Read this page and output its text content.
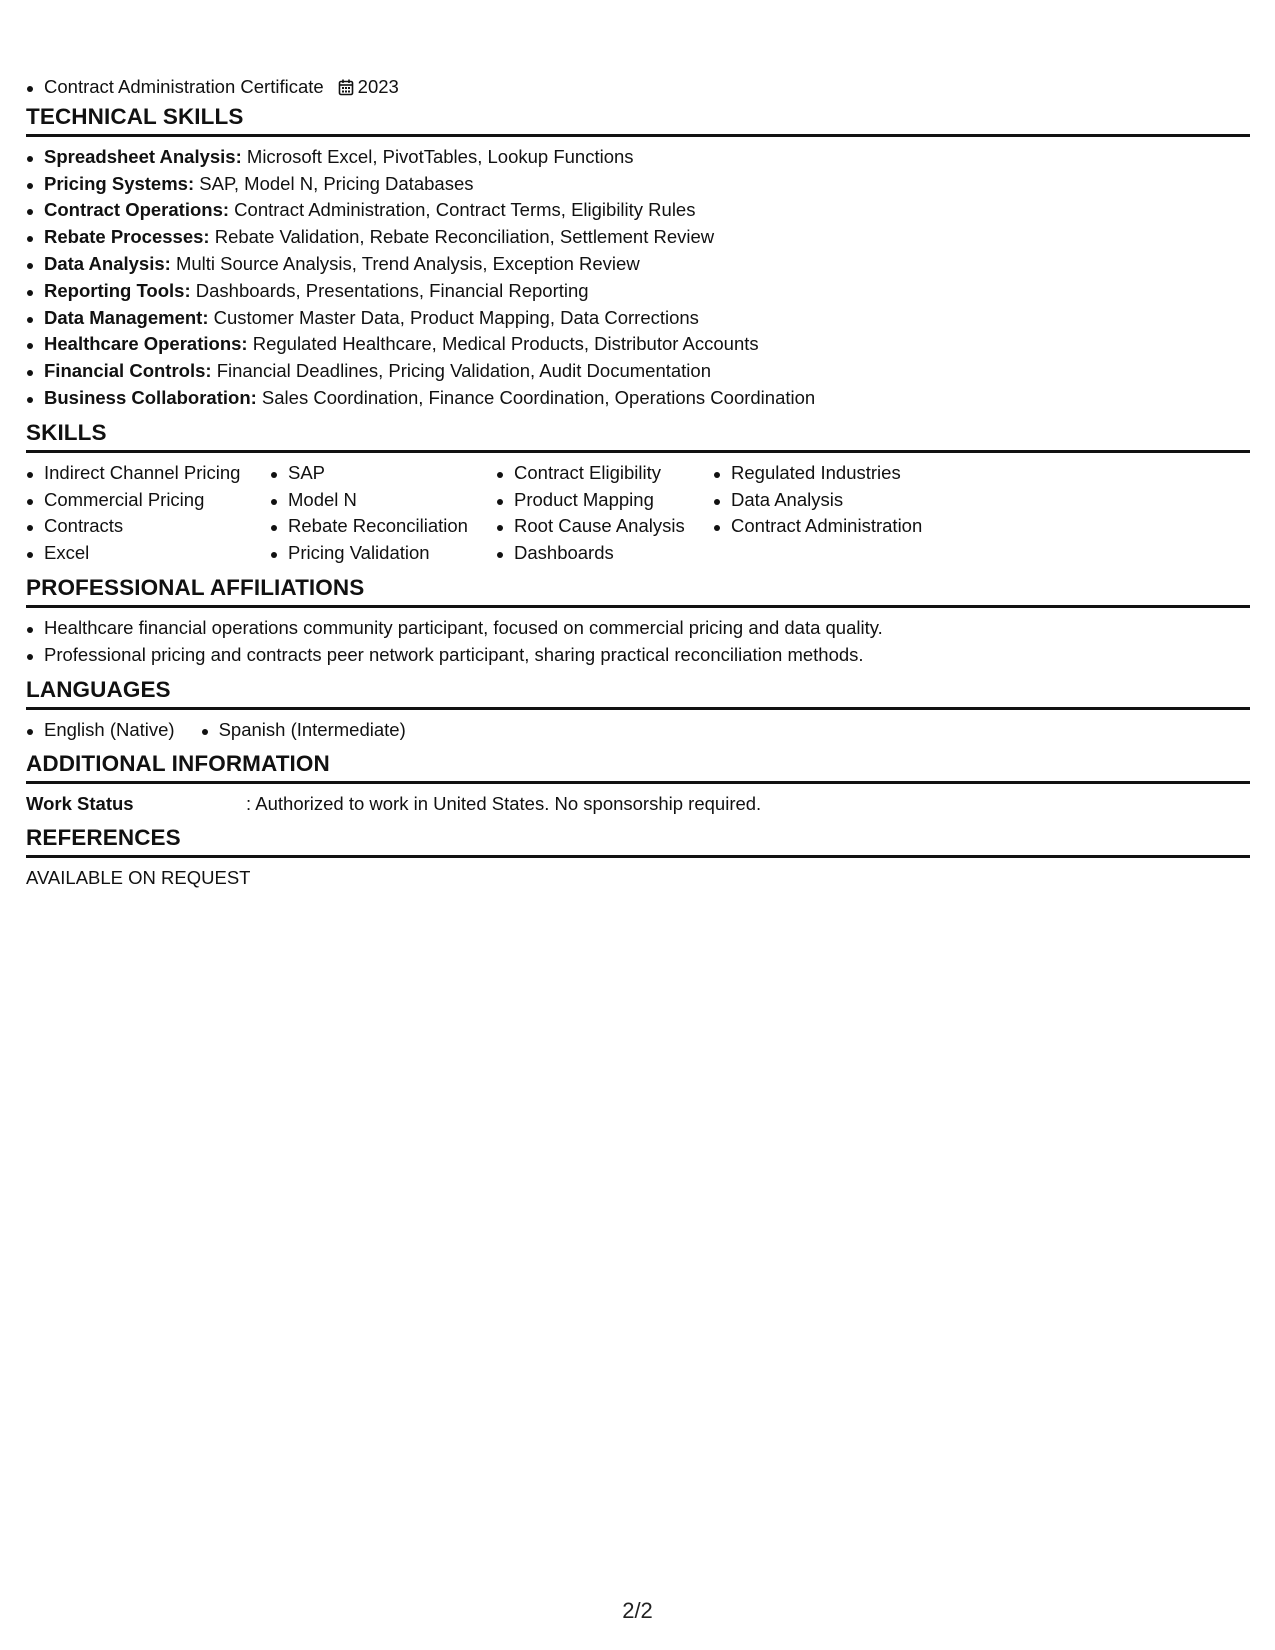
Contract Administration Certificate 2023
TECHNICAL SKILLS
Spreadsheet Analysis: Microsoft Excel, PivotTables, Lookup Functions
Pricing Systems: SAP, Model N, Pricing Databases
Contract Operations: Contract Administration, Contract Terms, Eligibility Rules
Rebate Processes: Rebate Validation, Rebate Reconciliation, Settlement Review
Data Analysis: Multi Source Analysis, Trend Analysis, Exception Review
Reporting Tools: Dashboards, Presentations, Financial Reporting
Data Management: Customer Master Data, Product Mapping, Data Corrections
Healthcare Operations: Regulated Healthcare, Medical Products, Distributor Accounts
Financial Controls: Financial Deadlines, Pricing Validation, Audit Documentation
Business Collaboration: Sales Coordination, Finance Coordination, Operations Coordination
SKILLS
Indirect Channel Pricing
Commercial Pricing
Contracts
Excel
SAP
Model N
Rebate Reconciliation
Pricing Validation
Contract Eligibility
Product Mapping
Root Cause Analysis
Dashboards
Regulated Industries
Data Analysis
Contract Administration
PROFESSIONAL AFFILIATIONS
Healthcare financial operations community participant, focused on commercial pricing and data quality.
Professional pricing and contracts peer network participant, sharing practical reconciliation methods.
LANGUAGES
English (Native)	Spanish (Intermediate)
ADDITIONAL INFORMATION
Work Status	: Authorized to work in United States. No sponsorship required.
REFERENCES
AVAILABLE ON REQUEST
2/2
